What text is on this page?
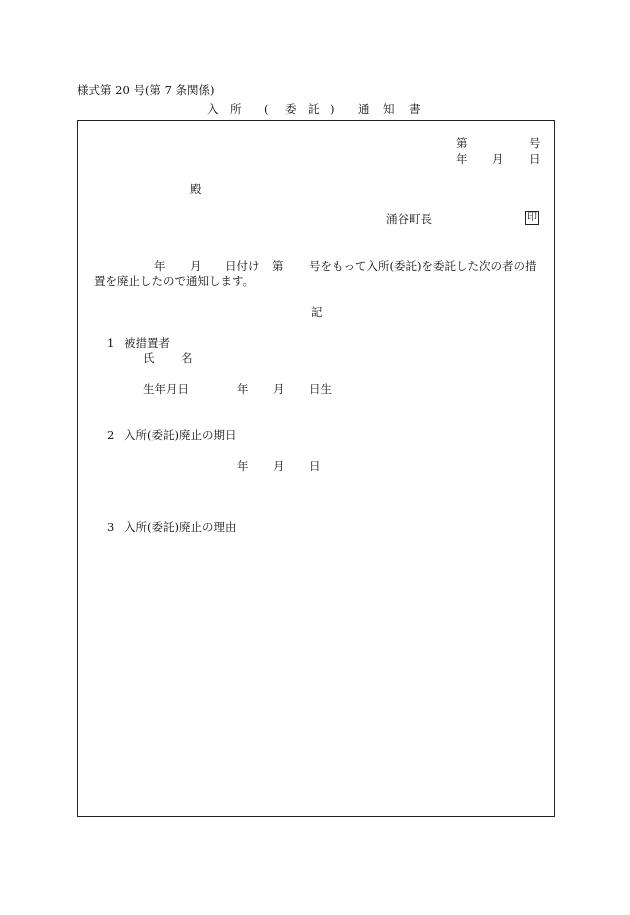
様式第 20 号(第 7 条関係)
入 所 ( 委 託 ) 通 知 書
第	号
年 月 日
殿
涌谷町長	印
年 月 日付け 第 号をもって入所(委託)を委託した次の者の措
置を廃止したので通知します。
記
1 被措置者
氏 名
生年月日	年 月 日生
2 入所(委託)廃止の期日
年 月 日
3 入所(委託)廃止の理由
